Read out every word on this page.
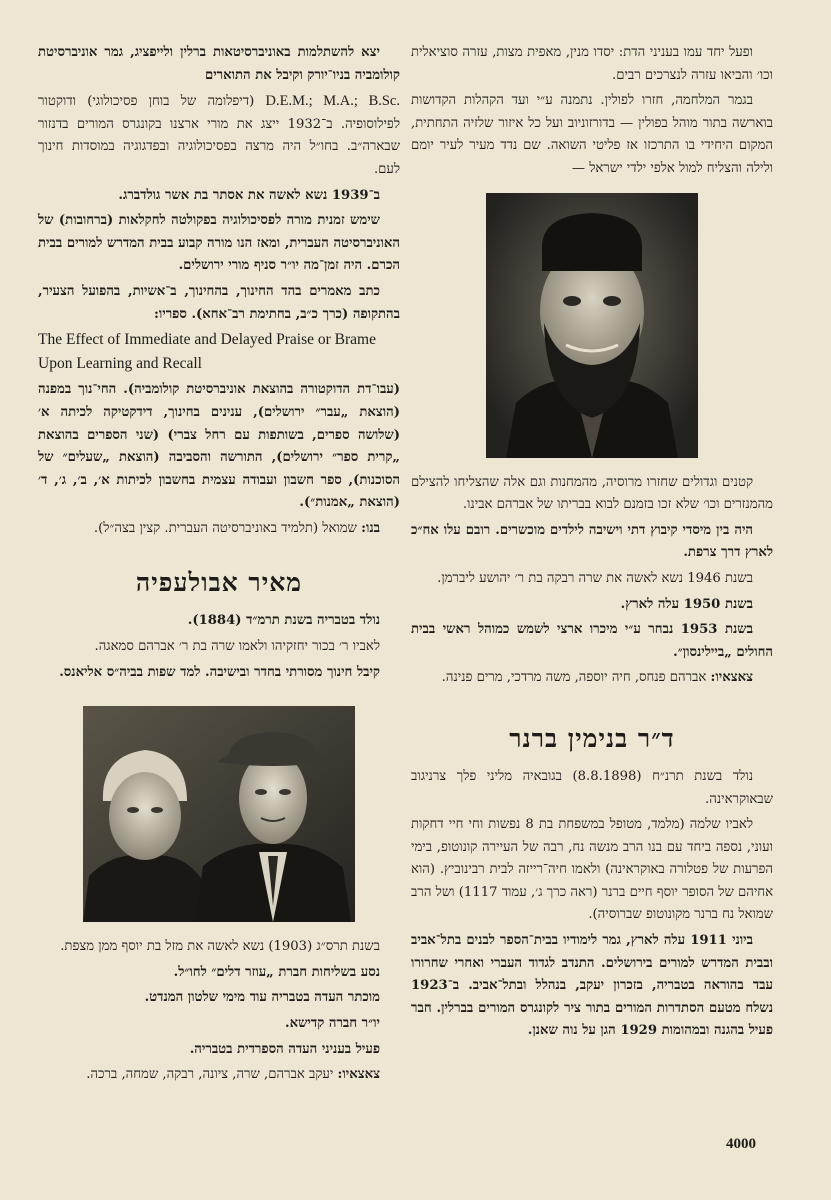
ופעל יחד עמו בעניני הדת: יסדו מנין, מאפית מצות, עזרה סוציאלית וכו׳ והביאו עזרה לנצרכים רבים.

בגמר המלחמה, חזרו לפולין. נתמנה ע״י ועד הקהלות הקדושות בוארשה בתור מוהל בפולין — בדורזוניוב ועל כל איזור שלזיה התחתית, המקום היחידי בו התרכזו אז פליטי השואה. שם נדד מעיר לעיר יומם ולילה והצליח למול אלפי ילדי ישראל —

קטנים וגדולים שחזרו מרוסיה, מהמחנות וגם אלה שהצליחו להצילם מהמנזרים וכו׳ שלא זכו בזמנם לבוא בבריתו של אברהם אבינו.

היה בין מיסדי קיבוץ דתי וישיבה לילדים מוכשרים. רובם עלו אח״כ לארץ דרך צרפת.

בשנת 1946 נשא לאשה את שרה רבקה בת ר׳ יהושע ליברמן.

בשנת 1950 עלה לארץ.

בשנת 1953 נבחר ע״י מיכרו ארצי לשמש כמוהל ראשי בבית החולים „ביילינסון״.

צאצאיו: אברהם פנחס, חיה יוספה, משה מרדכי, מרים פנינה.

ד״ר בנימין ברנר

נולד בשנת תרנ״ח (8.8.1898) בגובאיה מליני פלך צרניגוב שבאוקראינה.

לאביו שלמה (מלמד, מטופל במשפחת בת 8 נפשות וחי חיי דחקות ועוני, נספה ביחד עם בנו הרב מנשה נח, רבה של העיירה קונוטופ, בימי הפרעות של פטלורה באוקראינה) ולאמו חיה־רייזה לבית רבינוביץ. (הוא אחיהם של הסופר יוסף חיים ברנר (ראה כרך ג׳, עמוד 1117) ושל הרב שמואל נח ברנר מקונוטופ שברוסיה).

ביוני 1911 עלה לארץ, גמר לימודיו בבית־הספר לבנים בתל־אביב ובבית המדרש למורים בירושלים. התנדב לגדוד העברי ואחרי שחרורו עבד בהוראה בטבריה, בזכרון יעקב, בנהלל ובתל־אביב. ב־1923 נשלח מטעם הסתדרות המורים בתור ציר לקונגרס המורים בברלין. חבר פעיל בהגנה ובמהומות 1929 הגן על נוה שאנן.

יצא להשתלמות באוניברסיטאות ברלין ולייפציג, גמר אוניברסיטת קולומביה בניו־יורק וקיבל את התוארים

D.E.M.; M.A.; B.Sc. (דיפלומה של בוחן פסיכולוגי) ודוקטור לפילוסופיה. ב־1932 ייצג את מורי ארצנו בקונגרס המורים בדנזור שבארה״ב. בחו״ל היה מרצה בפסיכולוגיה ובפדגוגיה במוסדות חינוך לעם.

ב־1939 נשא לאשה את אסתר בת אשר גולדברג.

שימש זמנית מורה לפסיכולוגיה בפקולטה לחקלאות (ברחובות) של האוניברסיטה העברית, ומאז הנו מורה קבוע בבית המדרש למורים בבית הכרם. היה זמן־מה יו״ר סניף מורי ירושלים.

כתב מאמרים בהד החינוך, בהחינוך, ב־אשיות, בהפועל הצעיר, בהתקופה (כרך כ״ב, בחתימת רב־אחא). ספריו:

The Effect of Immediate and Delayed Praise or Brame Upon Learning and Recall

(עבו־דת הדוקטורה בהוצאת אוניברסיטת קולומביה). החי־נוך במפנה (הוצאת „עבר״ ירושלים), ענינים בחינוך, דידקטיקה לכיתה א׳ (שלושה ספרים, בשותפות עם רחל צברי) (שני הספרים בהוצאת „קרית ספר״ ירושלים), התורשה והסביבה (הוצאת „שעלים״ של הסוכנות), ספר חשבון ועבודה עצמית בחשבון לכיתות א׳, ב׳, ג׳, ד׳ (הוצאת „אמנות״).

בנו: שמואל (תלמיד באוניברסיטה העברית. קצין בצה״ל).

מאיר אבולעפיה

נולד בטבריה בשנת תרמ״ד (1884).

לאביו ר׳ בכור יחזקיהו ולאמו שרה בת ר׳ אברהם סמאגה.

קיבל חינוך מסורתי בחדר ובישיבה. למד שפות בביה״ס אליאנס.

בשנת תרס״ג (1903) נשא לאשה את מזל בת יוסף ממן מצפת.

נסע בשליחות חברת „עוזר דלים״ לחו״ל.

מוכתר העדה בטבריה עוד מימי שלטון המנדט.

יו״ר חברה קדישא.

פעיל בעניני העדה הספרדית בטבריה.

צאצאיו: יעקב אברהם, שרה, ציונה, רבקה, שמחה, ברכה.

4000
